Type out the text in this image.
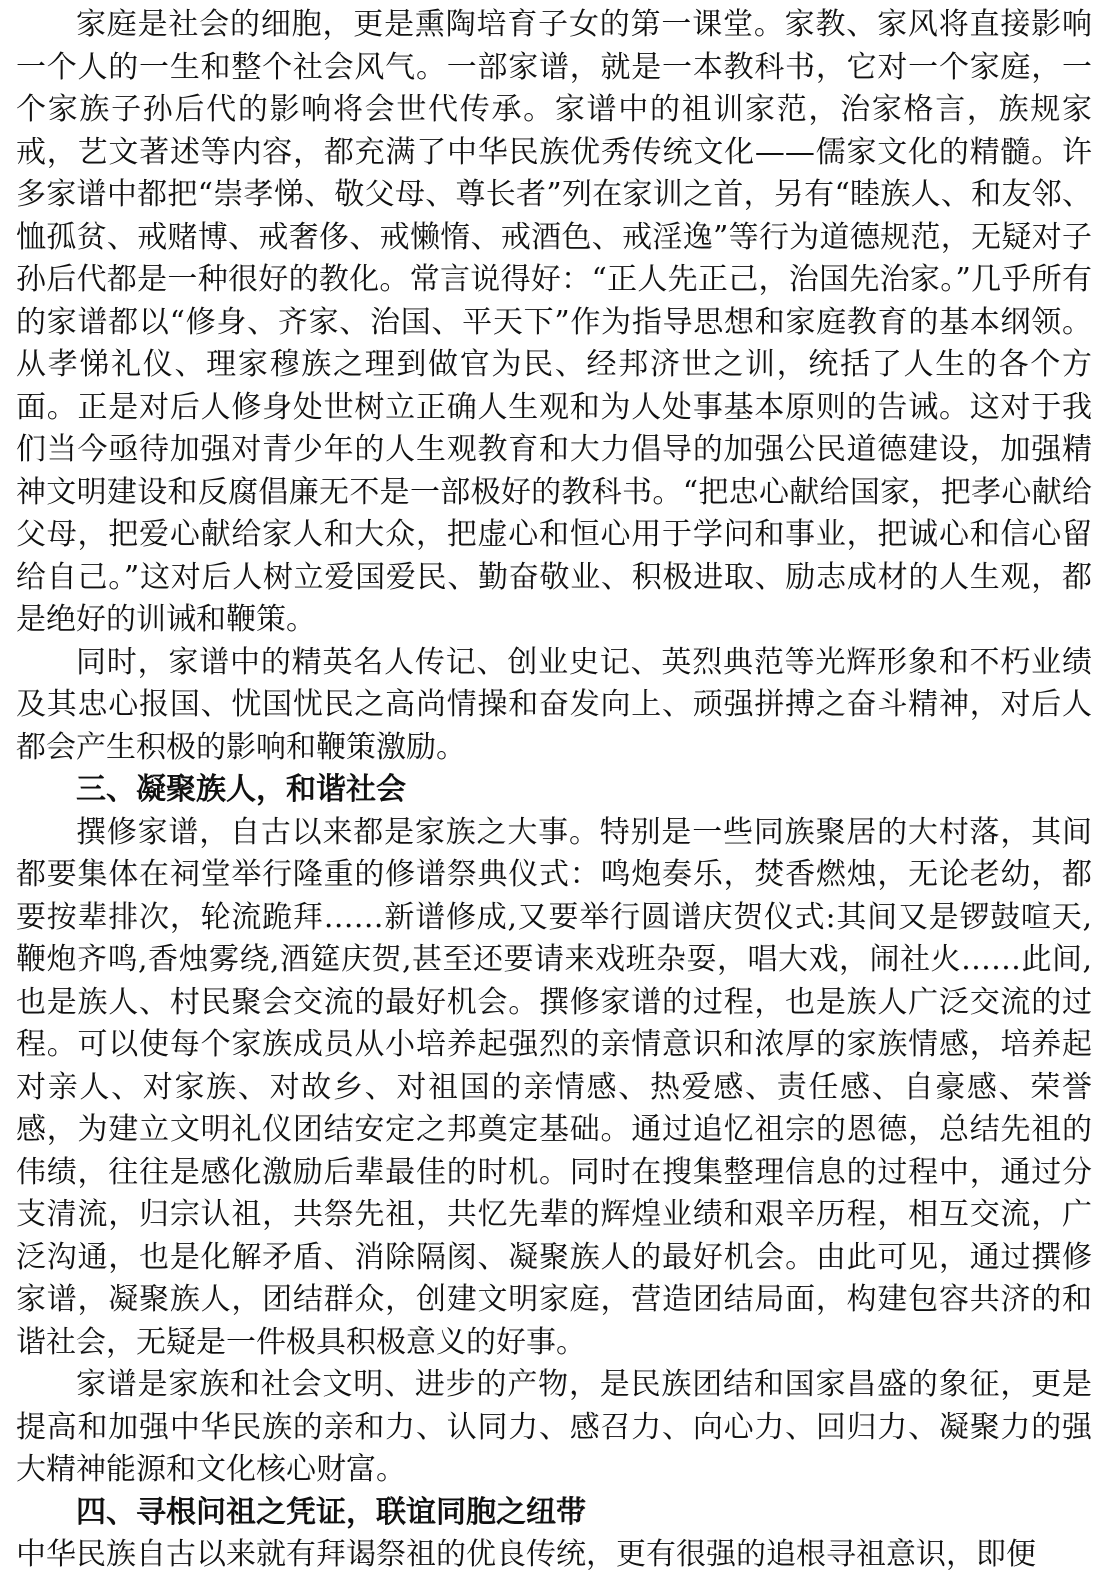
家庭是社会的细胞，更是熏陶培育子女的第一课堂。家教、家风将直接影响一个人的一生和整个社会风气。一部家谱，就是一本教科书，它对一个家庭，一个家族子孙后代的影响将会世代传承。家谱中的祖训家范，治家格言，族规家戒，艺文著述等内容，都充满了中华民族优秀传统文化——儒家文化的精髓。许多家谱中都把“崇孝悌、敬父母、尊长者”列在家训之首，另有“睦族人、和友邻、恤孤贫、戒赌博、戒奢侈、戒懒惰、戒酒色、戒淫逸”等行为道德规范，无疑对子孙后代都是一种很好的教化。常言说得好：“正人先正己，治国先治家。”几乎所有的家谱都以“修身、齐家、治国、平天下”作为指导思想和家庭教育的基本纲领。从孝悌礼仪、理家穆族之理到做官为民、经邦济世之训，统括了人生的各个方面。正是对后人修身处世树立正确人生观和为人处事基本原则的告诫。这对于我们当今亟待加强对青少年的人生观教育和大力倡导的加强公民道德建设，加强精神文明建设和反腐倡廉无不是一部极好的教科书。“把忠心献给国家，把孝心献给父母，把爱心献给家人和大众，把虚心和恒心用于学问和事业，把诚心和信心留给自己。”这对后人树立爱国爱民、勤奋敬业、积极进取、励志成材的人生观，都是绝好的训诫和鞭策。

同时，家谱中的精英名人传记、创业史记、英烈典范等光辉形象和不朽业绩及其忠心报国、忧国忧民之高尚情操和奋发向上、顽强拼搏之奋斗精神，对后人都会产生积极的影响和鞭策激励。

三、凝聚族人，和谐社会

撰修家谱，自古以来都是家族之大事。特别是一些同族聚居的大村落，其间都要集体在祠堂举行隆重的修谱祭典仪式：鸣炮奏乐，焚香燃烛，无论老幼，都要按辈排次，轮流跪拜……新谱修成,又要举行圆谱庆贺仪式:其间又是锣鼓喧天,鞭炮齐鸣,香烛雾绕,酒筵庆贺,甚至还要请来戏班杂耍，唱大戏，闹社火……此间,也是族人、村民聚会交流的最好机会。撰修家谱的过程，也是族人广泛交流的过程。可以使每个家族成员从小培养起强烈的亲情意识和浓厚的家族情感，培养起对亲人、对家族、对故乡、对祖国的亲情感、热爱感、责任感、自豪感、荣誉感，为建立文明礼仪团结安定之邦奠定基础。通过追忆祖宗的恩德，总结先祖的伟绩，往往是感化激励后辈最佳的时机。同时在搜集整理信息的过程中，通过分支清流，归宗认祖，共祭先祖，共忆先辈的辉煌业绩和艰辛历程，相互交流，广泛沟通，也是化解矛盾、消除隔阂、凝聚族人的最好机会。由此可见，通过撰修家谱，凝聚族人，团结群众，创建文明家庭，营造团结局面，构建包容共济的和谐社会，无疑是一件极具积极意义的好事。

家谱是家族和社会文明、进步的产物，是民族团结和国家昌盛的象征，更是提高和加强中华民族的亲和力、认同力、感召力、向心力、回归力、凝聚力的强大精神能源和文化核心财富。

四、寻根问祖之凭证，联谊同胞之纽带

中华民族自古以来就有拜谒祭祖的优良传统，更有很强的追根寻祖意识，即便
